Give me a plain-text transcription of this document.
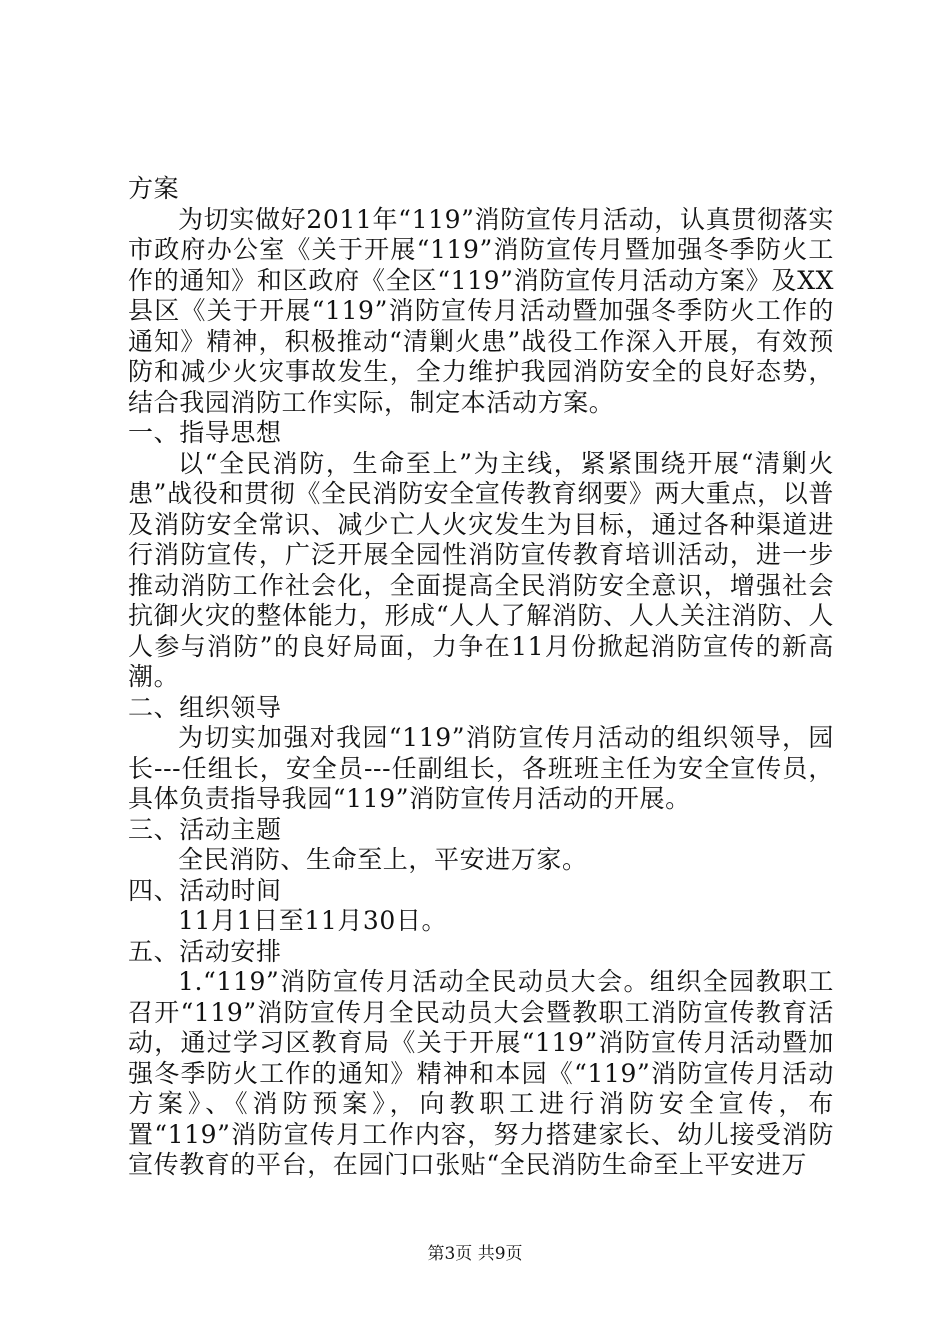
方案

为切实做好2011年“119”消防宣传月活动，认真贯彻落实市政府办公室《关于开展“119”消防宣传月暨加强冬季防火工作的通知》和区政府《全区“119”消防宣传月活动方案》及XX县区《关于开展“119”消防宣传月活动暨加强冬季防火工作的通知》精神，积极推动“清剿火患”战役工作深入开展，有效预防和减少火灾事故发生，全力维护我园消防安全的良好态势，结合我园消防工作实际，制定本活动方案。

一、指导思想

以“全民消防，生命至上”为主线，紧紧围绕开展“清剿火患”战役和贯彻《全民消防安全宣传教育纲要》两大重点，以普及消防安全常识、减少亡人火灾发生为目标，通过各种渠道进行消防宣传，广泛开展全园性消防宣传教育培训活动，进一步推动消防工作社会化，全面提高全民消防安全意识，增强社会抗御火灾的整体能力，形成“人人了解消防、人人关注消防、人人参与消防”的良好局面，力争在11月份掀起消防宣传的新高潮。

二、组织领导

为切实加强对我园“119”消防宣传月活动的组织领导，园长---任组长，安全员---任副组长，各班班主任为安全宣传员，具体负责指导我园“119”消防宣传月活动的开展。

三、活动主题

全民消防、生命至上，平安进万家。

四、活动时间

11月1日至11月30日。

五、活动安排

1.“119”消防宣传月活动全民动员大会。组织全园教职工召开“119”消防宣传月全民动员大会暨教职工消防宣传教育活动，通过学习区教育局《关于开展“119”消防宣传月活动暨加强冬季防火工作的通知》精神和本园《“119”消防宣传月活动方案》、《消防预案》，向教职工进行消防安全宣传，布置“119”消防宣传月工作内容，努力搭建家长、幼儿接受消防宣传教育的平台，在园门口张贴“全民消防生命至上平安进万

第3页 共9页
